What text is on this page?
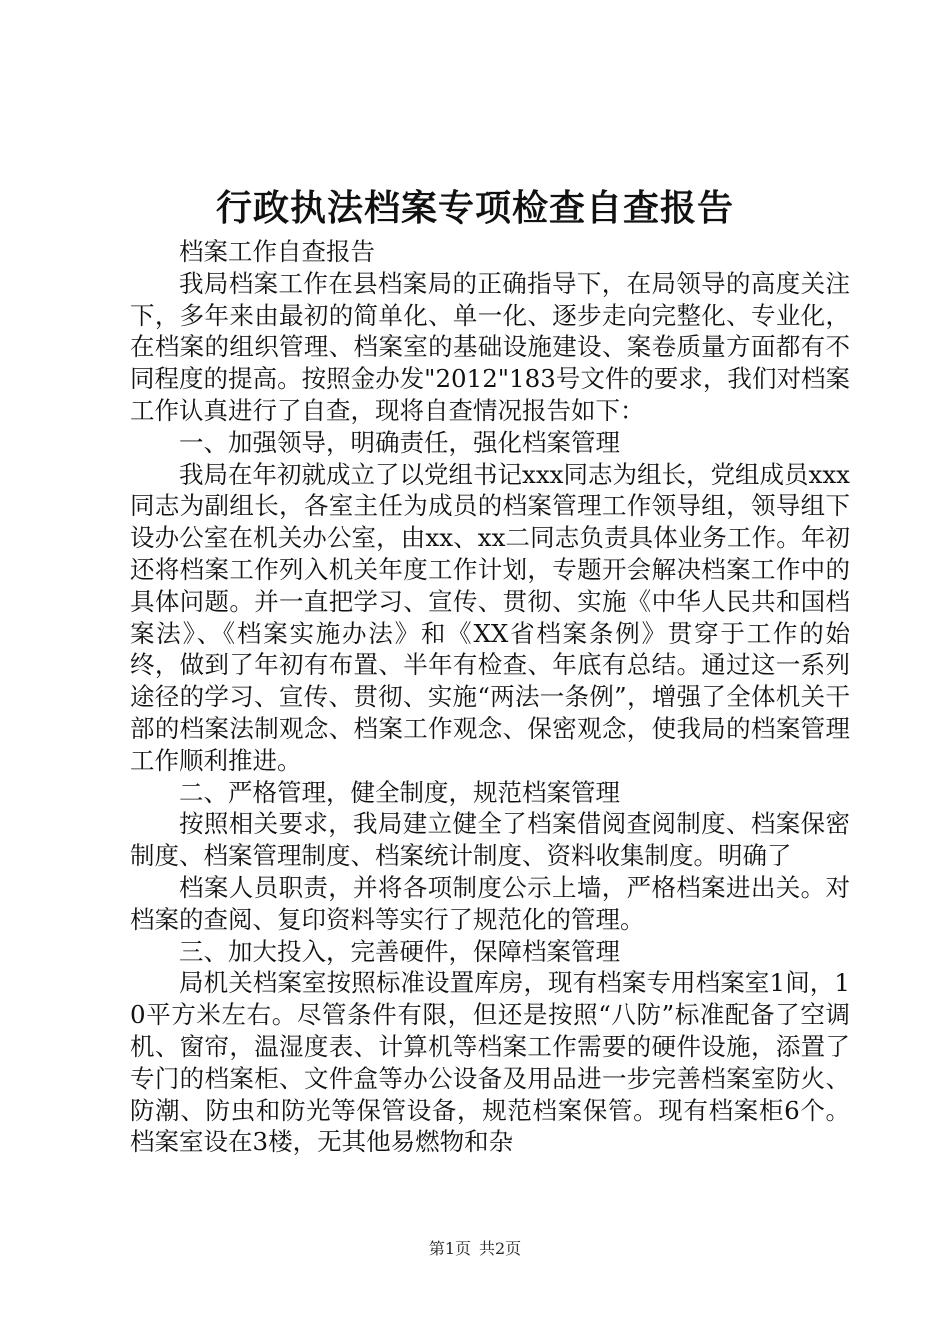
行政执法档案专项检查自查报告

档案工作自查报告

我局档案工作在县档案局的正确指导下，在局领导的高度关注下，多年来由最初的简单化、单一化、逐步走向完整化、专业化，在档案的组织管理、档案室的基础设施建设、案卷质量方面都有不同程度的提高。按照金办发"2012"183号文件的要求，我们对档案工作认真进行了自查，现将自查情况报告如下：

一、加强领导，明确责任，强化档案管理

我局在年初就成立了以党组书记xxx同志为组长，党组成员xxx同志为副组长，各室主任为成员的档案管理工作领导组，领导组下设办公室在机关办公室，由xx、xx二同志负责具体业务工作。年初还将档案工作列入机关年度工作计划，专题开会解决档案工作中的具体问题。并一直把学习、宣传、贯彻、实施《中华人民共和国档案法》、《档案实施办法》和《XX省档案条例》贯穿于工作的始终，做到了年初有布置、半年有检查、年底有总结。通过这一系列途径的学习、宣传、贯彻、实施“两法一条例”，增强了全体机关干部的档案法制观念、档案工作观念、保密观念，使我局的档案管理工作顺利推进。

二、严格管理，健全制度，规范档案管理

按照相关要求，我局建立健全了档案借阅查阅制度、档案保密制度、档案管理制度、档案统计制度、资料收集制度。明确了

档案人员职责，并将各项制度公示上墙，严格档案进出关。对档案的查阅、复印资料等实行了规范化的管理。

三、加大投入，完善硬件，保障档案管理

局机关档案室按照标准设置库房，现有档案专用档案室1间，10平方米左右。尽管条件有限，但还是按照“八防”标准配备了空调机、窗帘，温湿度表、计算机等档案工作需要的硬件设施，添置了专门的档案柜、文件盒等办公设备及用品进一步完善档案室防火、防潮、防虫和防光等保管设备，规范档案保管。现有档案柜6个。档案室设在3楼，无其他易燃物和杂

第1页 共2页
